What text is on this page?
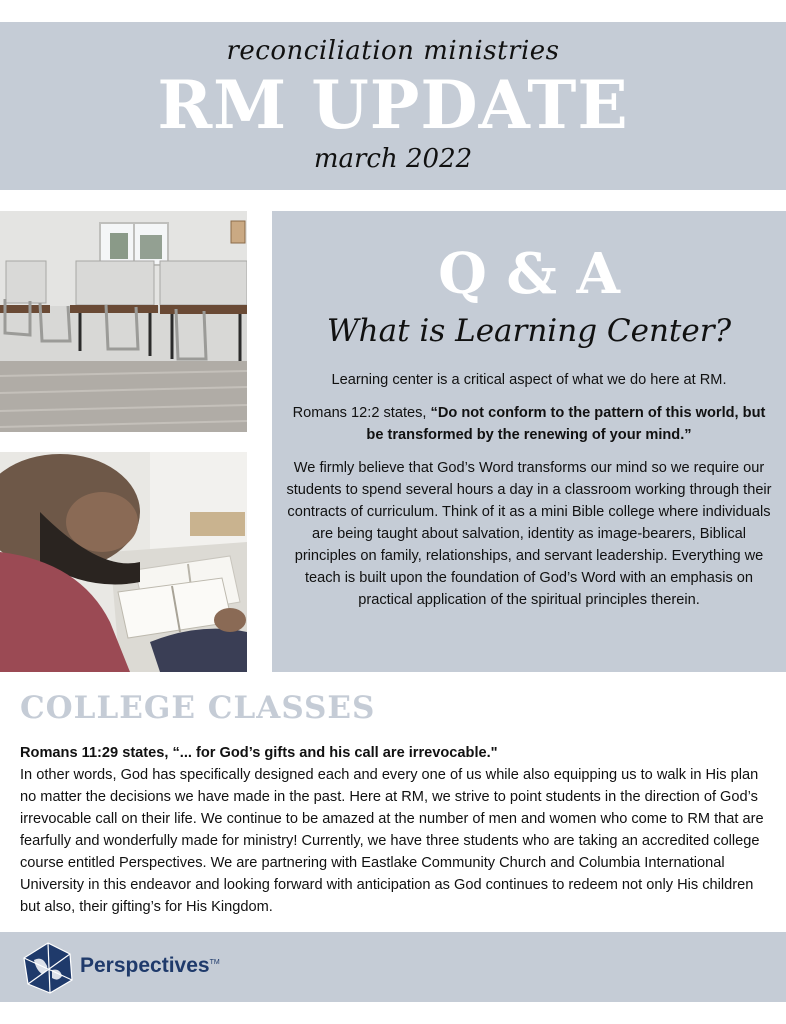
reconciliation ministries
RM UPDATE
march 2022
Q & A
What is Learning Center?

Learning center is a critical aspect of what we do here at RM.

Romans 12:2 states, “Do not conform to the pattern of this world, but be transformed by the renewing of your mind.”

We firmly believe that God’s Word transforms our mind so we require our students to spend several hours a day in a classroom working through their contracts of curriculum. Think of it as a mini Bible college where individuals are being taught about salvation, identity as image-bearers, Biblical principles on family, relationships, and servant leadership. Everything we teach is built upon the foundation of God’s Word with an emphasis on practical application of the spiritual principles therein.

COLLEGE CLASSES
Romans 11:29 states, “... for God’s gifts and his call are irrevocable."
In other words, God has specifically designed each and every one of us while also equipping us to walk in His plan no matter the decisions we have made in the past. Here at RM, we strive to point students in the direction of God’s irrevocable call on their life. We continue to be amazed at the number of men and women who come to RM that are fearfully and wonderfully made for ministry! Currently, we have three students who are taking an accredited college course entitled Perspectives. We are partnering with Eastlake Community Church and Columbia International University in this endeavor and looking forward with anticipation as God continues to redeem not only His children but also, their gifting’s for His Kingdom.
Perspectives™
